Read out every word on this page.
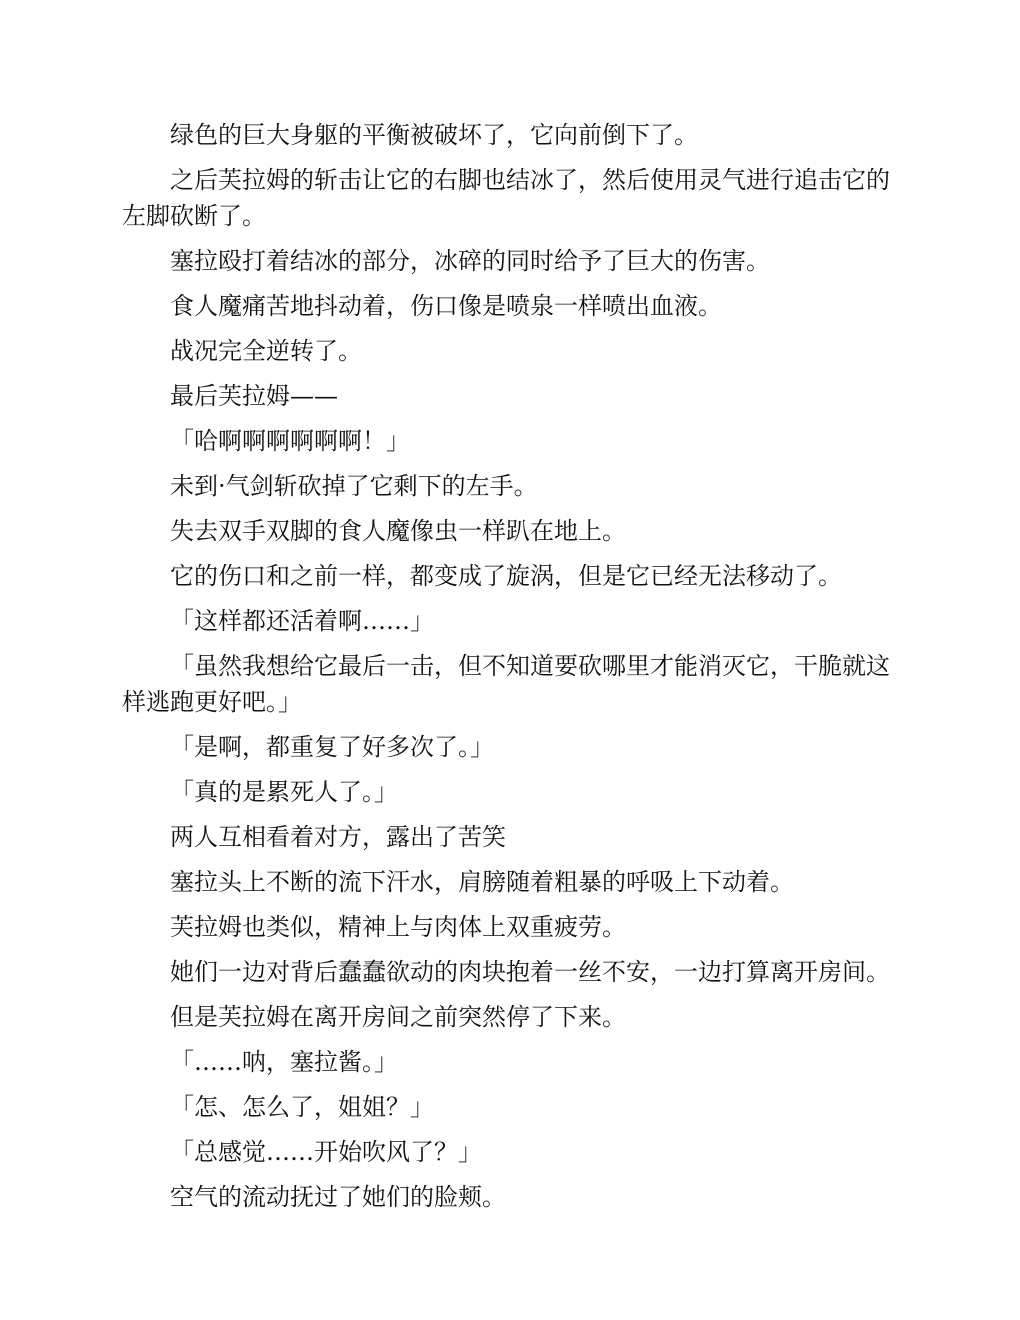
绿色的巨大身躯的平衡被破坏了，它向前倒下了。

之后芙拉姆的斩击让它的右脚也结冰了，然后使用灵气进行追击它的左脚砍断了。

塞拉殴打着结冰的部分，冰碎的同时给予了巨大的伤害。

食人魔痛苦地抖动着，伤口像是喷泉一样喷出血液。

战况完全逆转了。

最后芙拉姆——

「哈啊啊啊啊啊啊！」

未到·气剑斩砍掉了它剩下的左手。

失去双手双脚的食人魔像虫一样趴在地上。

它的伤口和之前一样，都变成了旋涡，但是它已经无法移动了。

「这样都还活着啊……」

「虽然我想给它最后一击，但不知道要砍哪里才能消灭它，干脆就这样逃跑更好吧。」

「是啊，都重复了好多次了。」

「真的是累死人了。」

两人互相看着对方，露出了苦笑

塞拉头上不断的流下汗水，肩膀随着粗暴的呼吸上下动着。

芙拉姆也类似，精神上与肉体上双重疲劳。

她们一边对背后蠢蠢欲动的肉块抱着一丝不安，一边打算离开房间。

但是芙拉姆在离开房间之前突然停了下来。

「……呐，塞拉酱。」

「怎、怎么了，姐姐？」

「总感觉……开始吹风了？」

空气的流动抚过了她们的脸颊。
